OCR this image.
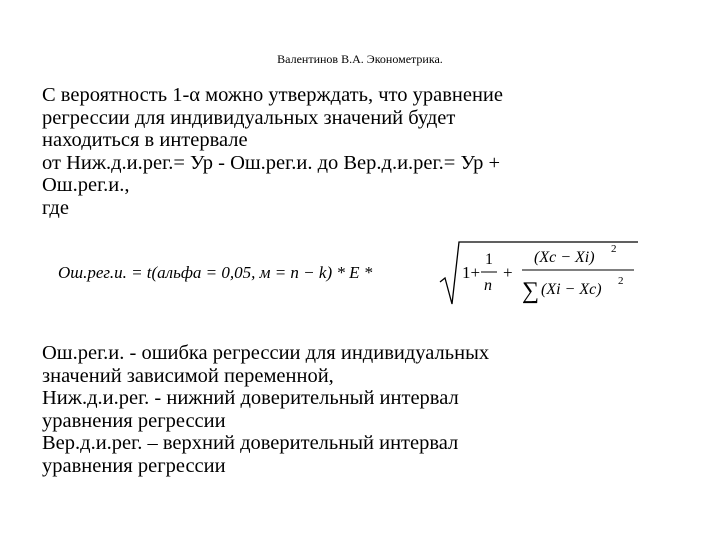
Валентинов В.А. Эконометрика.
С вероятность 1-α можно утверждать, что уравнение
регрессии для индивидуальных значений будет
находиться в интервале
от Ниж.д.и.рег.= Ур - Ош.рег.и. до Вер.д.и.рег.= Ур +
Ош.рег.и.,
где
Ош.рег.и. = t(альфа = 0,05, м = n − k) * E *	1+
1
n
+
(Xc − Xi) 2
∑ (Xi − Xc) 2
Ош.рег.и. - ошибка регрессии для индивидуальных
значений зависимой переменной,
Ниж.д.и.рег. - нижний доверительный интервал
уравнения регрессии
Вер.д.и.рег. – верхний доверительный интервал
уравнения регрессии
